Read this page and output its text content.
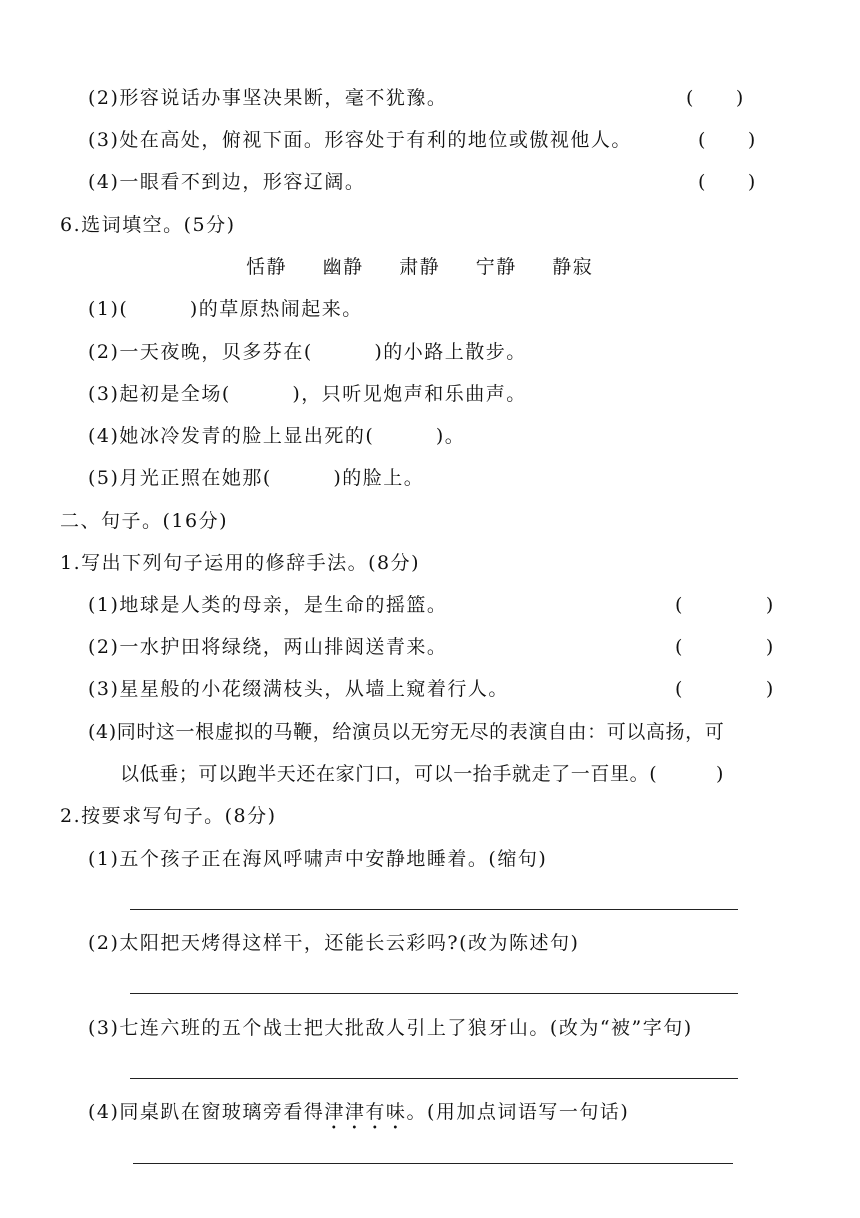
(2)形容说话办事坚决果断，毫不犹豫。	(　　)
(3)处在高处，俯视下面。形容处于有利的地位或傲视他人。	(　　)
(4)一眼看不到边，形容辽阔。	(　　)
6.选词填空。(5分)
恬静 幽静 肃静 宁静 静寂
(1)(　　　)的草原热闹起来。
(2)一天夜晚，贝多芬在(　　　)的小路上散步。
(3)起初是全场(　　　)，只听见炮声和乐曲声。
(4)她冰冷发青的脸上显出死的(　　　)。
(5)月光正照在她那(　　　)的脸上。
二、句子。(16分)
1.写出下列句子运用的修辞手法。(8分)
(1)地球是人类的母亲，是生命的摇篮。	(　　　　)
(2)一水护田将绿绕，两山排闼送青来。	(　　　　)
(3)星星般的小花缀满枝头，从墙上窥着行人。	(　　　　)
(4)同时这一根虚拟的马鞭，给演员以无穷无尽的表演自由：可以高扬，可
以低垂；可以跑半天还在家门口，可以一抬手就走了一百里。(　　　)
2.按要求写句子。(8分)
(1)五个孩子正在海风呼啸声中安静地睡着。(缩句)
(2)太阳把天烤得这样干，还能长云彩吗?(改为陈述句)
(3)七连六班的五个战士把大批敌人引上了狼牙山。(改为“被”字句)
(4)同桌趴在窗玻璃旁看得津津有味。(用加点词语写一句话)
